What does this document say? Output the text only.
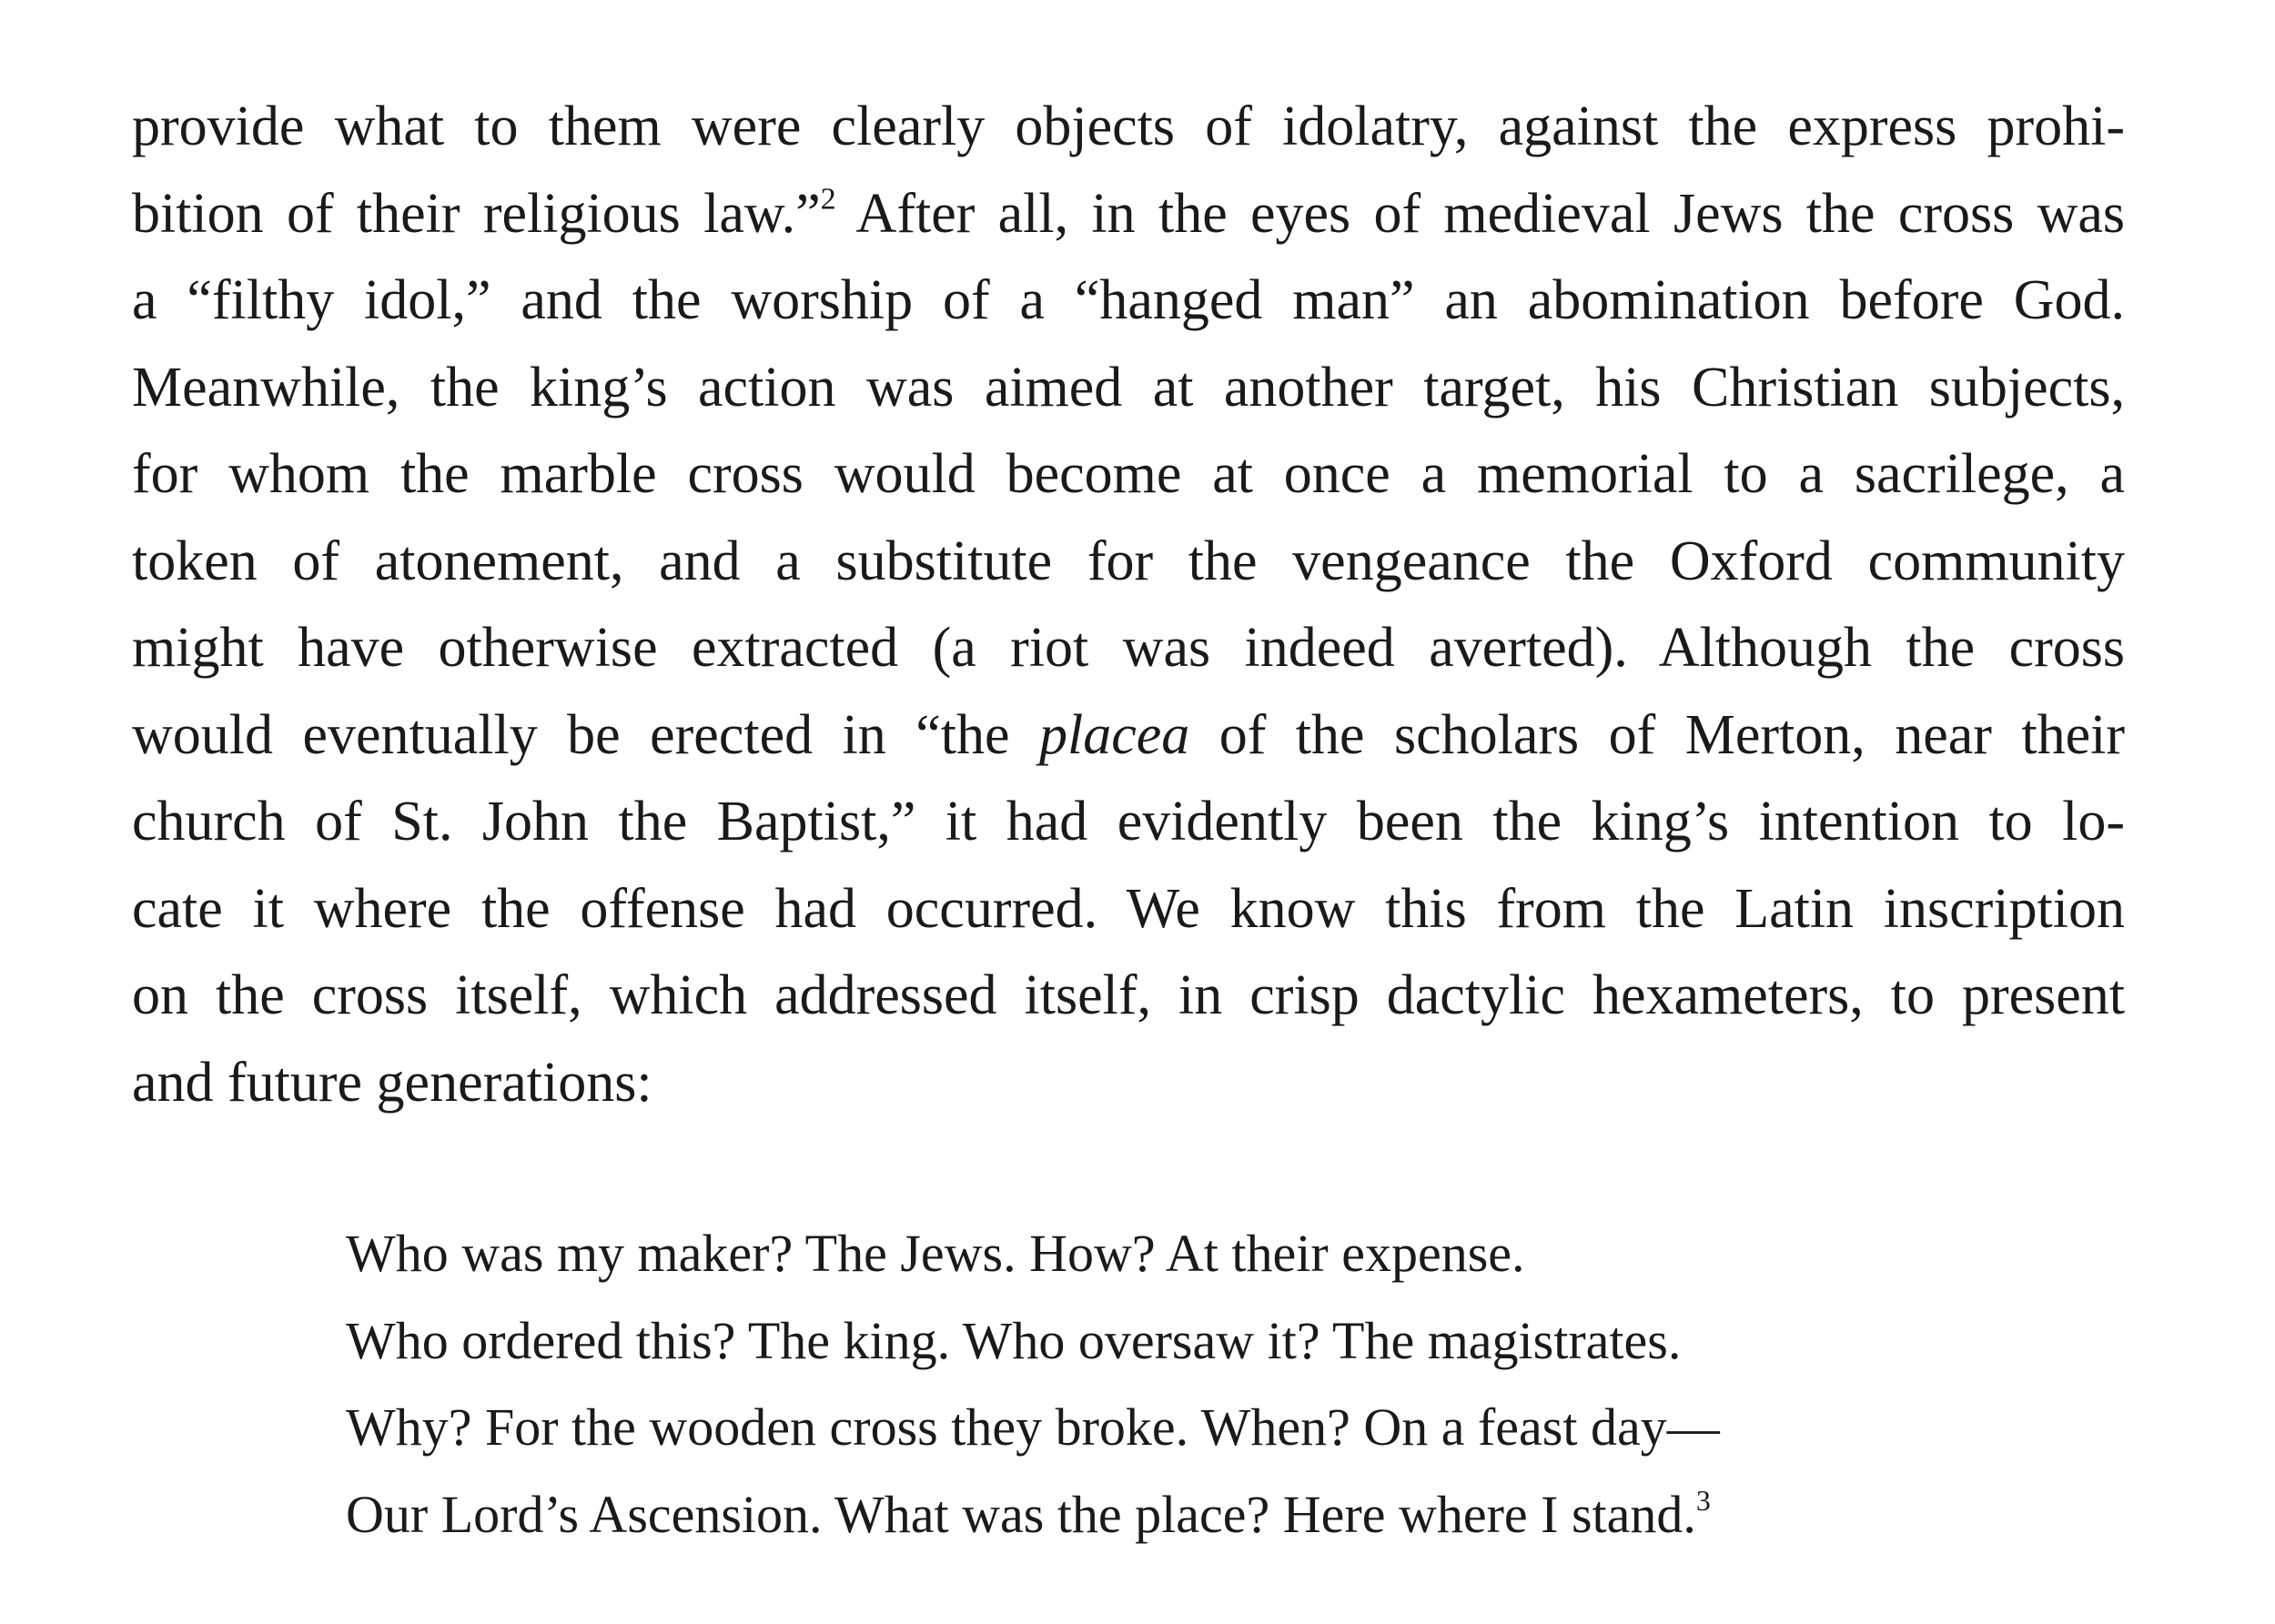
provide what to them were clearly objects of idolatry, against the express prohi-
bition of their religious law.”$^2$ After all, in the eyes of medieval Jews the cross was
a “filthy idol,” and the worship of a “hanged man” an abomination before God.
Meanwhile, the king’s action was aimed at another target, his Christian subjects,
for whom the marble cross would become at once a memorial to a sacrilege, a
token of atonement, and a substitute for the vengeance the Oxford community
might have otherwise extracted (a riot was indeed averted). Although the cross
would eventually be erected in “the placea of the scholars of Merton, near their
church of St. John the Baptist,” it had evidently been the king’s intention to lo-
cate it where the offense had occurred. We know this from the Latin inscription
on the cross itself, which addressed itself, in crisp dactylic hexameters, to present
and future generations:
Who was my maker? The Jews. How? At their expense.
Who ordered this? The king. Who oversaw it? The magistrates.
Why? For the wooden cross they broke. When? On a feast day—
Our Lord’s Ascension. What was the place? Here where I stand.$^3$
